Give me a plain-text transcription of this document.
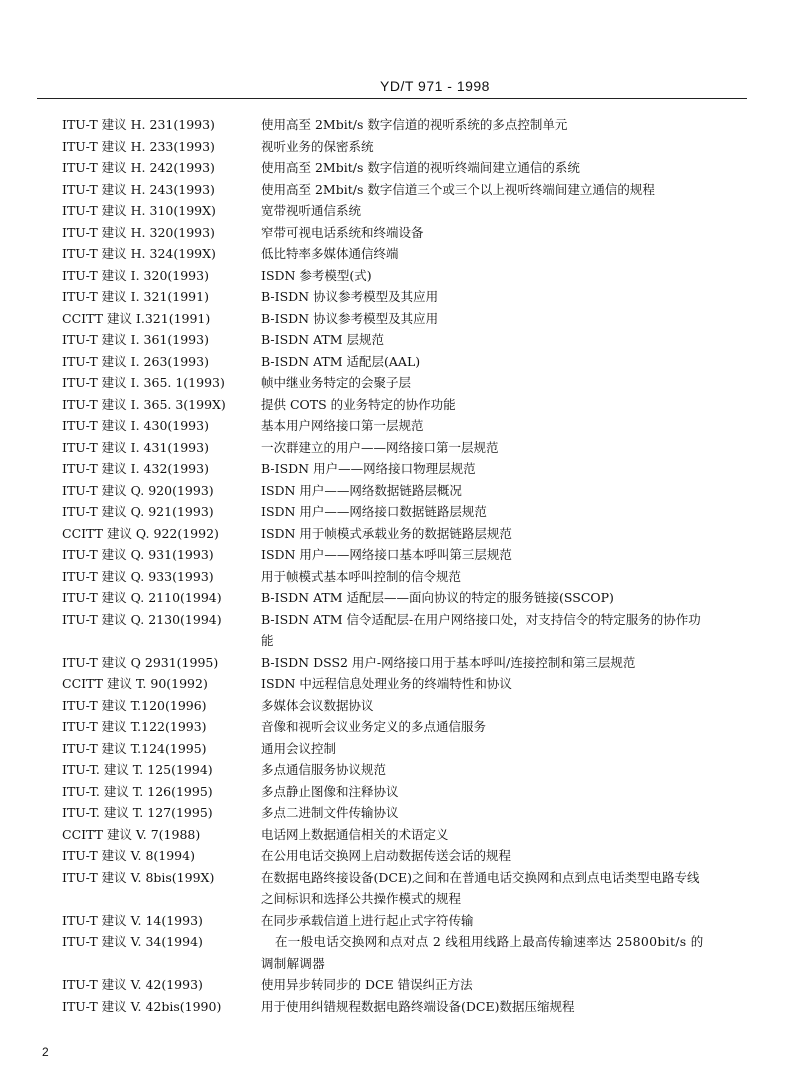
YD/T 971 - 1998
ITU-T 建议 H. 231(1993)	使用高至 2Mbit/s 数字信道的视听系统的多点控制单元
ITU-T 建议 H. 233(1993)	视听业务的保密系统
ITU-T 建议 H. 242(1993)	使用高至 2Mbit/s 数字信道的视听终端间建立通信的系统
ITU-T 建议 H. 243(1993)	使用高至 2Mbit/s 数字信道三个或三个以上视听终端间建立通信的规程
ITU-T 建议 H. 310(199X)	宽带视听通信系统
ITU-T 建议 H. 320(1993)	窄带可视电话系统和终端设备
ITU-T 建议 H. 324(199X)	低比特率多媒体通信终端
ITU-T 建议 I. 320(1993)	ISDN 参考模型(式)
ITU-T 建议 I. 321(1991)	B-ISDN 协议参考模型及其应用
CCITT 建议 I.321(1991)	B-ISDN 协议参考模型及其应用
ITU-T 建议 I. 361(1993)	B-ISDN ATM 层规范
ITU-T 建议 I. 263(1993)	B-ISDN ATM 适配层(AAL)
ITU-T 建议 I. 365. 1(1993)	帧中继业务特定的会聚子层
ITU-T 建议 I. 365. 3(199X)	提供 COTS 的业务特定的协作功能
ITU-T 建议 I. 430(1993)	基本用户网络接口第一层规范
ITU-T 建议 I. 431(1993)	一次群建立的用户——网络接口第一层规范
ITU-T 建议 I. 432(1993)	B-ISDN 用户——网络接口物理层规范
ITU-T 建议 Q. 920(1993)	ISDN 用户——网络数据链路层概况
ITU-T 建议 Q. 921(1993)	ISDN 用户——网络接口数据链路层规范
CCITT 建议 Q. 922(1992)	ISDN 用于帧模式承载业务的数据链路层规范
ITU-T 建议 Q. 931(1993)	ISDN 用户——网络接口基本呼叫第三层规范
ITU-T 建议 Q. 933(1993)	用于帧模式基本呼叫控制的信令规范
ITU-T 建议 Q. 2110(1994)	B-ISDN ATM 适配层——面向协议的特定的服务链接(SSCOP)
ITU-T 建议 Q. 2130(1994)	B-ISDN ATM 信令适配层-在用户网络接口处，对支持信令的特定服务的协作功能
ITU-T 建议 Q 2931(1995)	B-ISDN DSS2 用户-网络接口用于基本呼叫/连接控制和第三层规范
CCITT 建议 T. 90(1992)	ISDN 中远程信息处理业务的终端特性和协议
ITU-T 建议 T.120(1996)	多媒体会议数据协议
ITU-T 建议 T.122(1993)	音像和视听会议业务定义的多点通信服务
ITU-T 建议 T.124(1995)	通用会议控制
ITU-T. 建议 T. 125(1994)	多点通信服务协议规范
ITU-T. 建议 T. 126(1995)	多点静止图像和注释协议
ITU-T. 建议 T. 127(1995)	多点二进制文件传输协议
CCITT 建议 V. 7(1988)	电话网上数据通信相关的术语定义
ITU-T 建议 V. 8(1994)	在公用电话交换网上启动数据传送会话的规程
ITU-T 建议 V. 8bis(199X)	在数据电路终接设备(DCE)之间和在普通电话交换网和点到点电话类型电路专线之间标识和选择公共操作模式的规程
ITU-T 建议 V. 14(1993)	在同步承载信道上进行起止式字符传输
ITU-T 建议 V. 34(1994)	在一般电话交换网和点对点 2 线租用线路上最高传输速率达 25800bit/s 的调制解调器
ITU-T 建议 V. 42(1993)	使用异步转同步的 DCE 错误纠正方法
ITU-T 建议 V. 42bis(1990)	用于使用纠错规程数据电路终端设备(DCE)数据压缩规程
2
